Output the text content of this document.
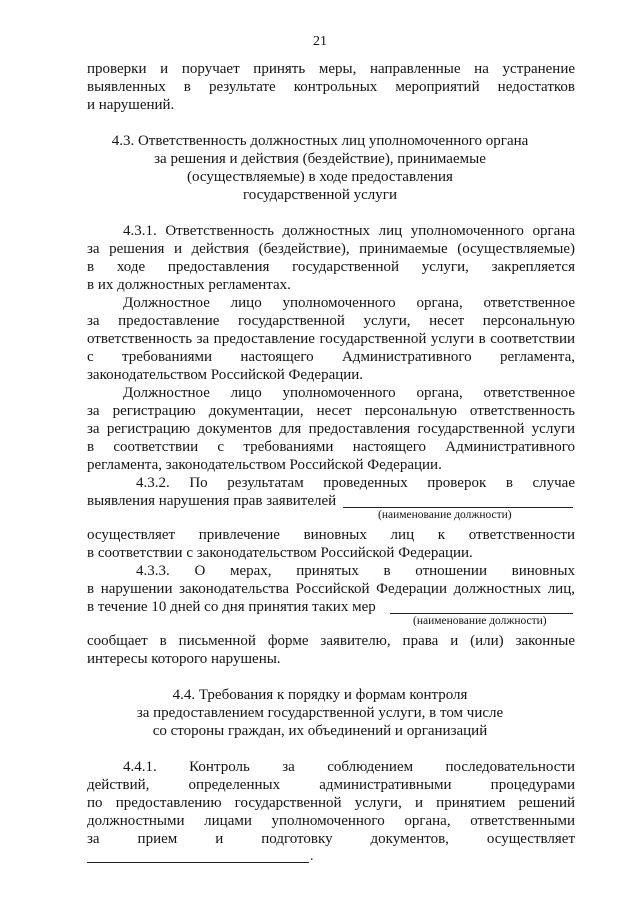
21
проверки и поручает принять меры, направленные на устранение
выявленных в результате контрольных мероприятий недостатков
и нарушений.
4.3. Ответственность должностных лиц уполномоченного органа
за решения и действия (бездействие), принимаемые
(осуществляемые) в ходе предоставления
государственной услуги
4.3.1. Ответственность должностных лиц уполномоченного органа
за решения и действия (бездействие), принимаемые (осуществляемые)
в ходе предоставления государственной услуги, закрепляется
в их должностных регламентах.
Должностное лицо уполномоченного органа, ответственное
за предоставление государственной услуги, несет персональную
ответственность за предоставление государственной услуги в соответствии
с требованиями настоящего Административного регламента,
законодательством Российской Федерации.
Должностное лицо уполномоченного органа, ответственное
за регистрацию документации, несет персональную ответственность
за регистрацию документов для предоставления государственной услуги
в соответствии с требованиями настоящего Административного
регламента, законодательством Российской Федерации.
4.3.2. По результатам проведенных проверок в случае
выявления нарушения прав заявителей
(наименование должности)
осуществляет привлечение виновных лиц к ответственности
в соответствии с законодательством Российской Федерации.
4.3.3. О мерах, принятых в отношении виновных
в нарушении законодательства Российской Федерации должностных лиц,
в течение 10 дней со дня принятия таких мер
(наименование должности)
сообщает в письменной форме заявителю, права и (или) законные
интересы которого нарушены.
4.4. Требования к порядку и формам контроля
за предоставлением государственной услуги, в том числе
со стороны граждан, их объединений и организаций
4.4.1. Контроль за соблюдением последовательности
действий, определенных административными процедурами
по предоставлению государственной услуги, и принятием решений
должностными лицами уполномоченного органа, ответственными
за прием и подготовку документов, осуществляет
.
